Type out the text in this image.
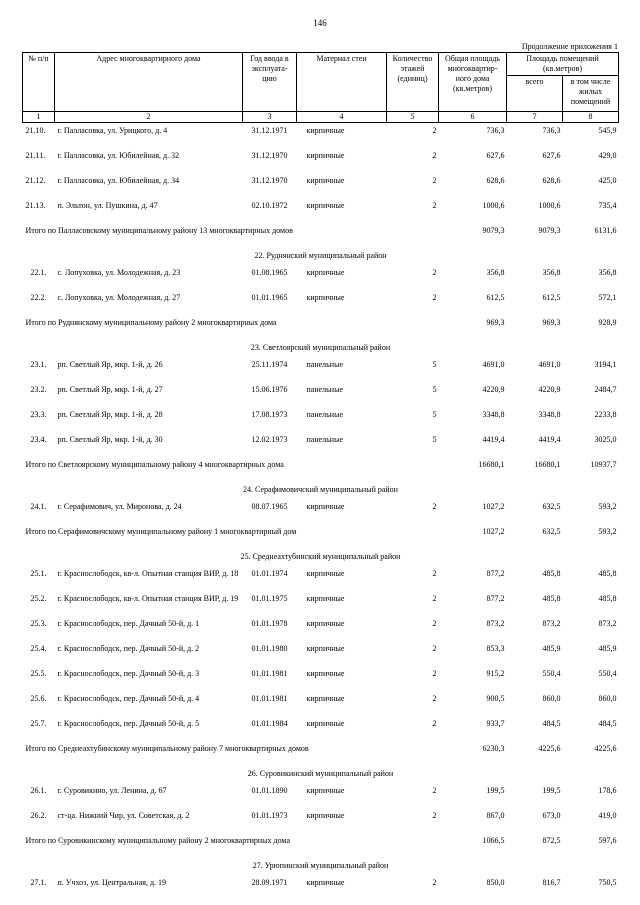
146
Продолжение приложения 1
№ п/п	Адрес многоквартирного дома	Год ввода в эксплуата- цию	Материал стен	Количество этажей (единиц)	Общая площадь многоквартир- ного дома (кв.метров)	Площадь помещений (кв.метров)	
						всего	в том числе жилых помещений
1	2	3	4	5	6	7	8
21.10.	г. Палласовка, ул. Урицкого, д. 4	31.12.1971	кирпичные	2	736,3	736,3	545,9
21.11.	г. Палласовка, ул. Юбилейная, д. 32	31.12.1970	кирпичные	2	627,6	627,6	429,0
21.12.	г. Палласовка, ул. Юбилейная, д. 34	31.12.1970	кирпичные	2	628,6	628,6	425,0
21.13.	п. Эльтон, ул. Пушкина, д. 47	02.10.1972	кирпичные	2	1000,6	1000,6	735,4
Итого по Палласовскому муниципальному району 13 многоквартирных домов					9079,3	9079,3	6131,6
22. Руднянский муниципальный район							
22.1.	с. Лопуховка, ул. Молодежная, д. 23	01.08.1965	кирпичные	2	356,8	356,8	356,8
22.2.	с. Лопуховка, ул. Молодежная, д. 27	01.01.1965	кирпичные	2	612,5	612,5	572,1
Итого по Руднянскому муниципальному району 2 многоквартирных дома					969,3	969,3	928,9
23. Светлоярский муниципальный район							
23.1.	рп. Светлый Яр, мкр. 1-й, д. 26	25.11.1974	панельные	5	4691,0	4691,0	3194,1
23.2.	рп. Светлый Яр, мкр. 1-й, д. 27	15.06.1976	панельные	5	4220,9	4220,9	2484,7
23.3.	рп. Светлый Яр, мкр. 1-й, д. 28	17.08.1973	панельные	5	3348,8	3348,8	2233,8
23.4.	рп. Светлый Яр, мкр. 1-й, д. 30	12.02.1973	панельные	5	4419,4	4419,4	3025,0
Итого по Светлоярскому муниципальному району 4 многоквартирных дома					16680,1	16680,1	10937,7
24. Серафимовичский муниципальный район							
24.1.	г. Серафимович, ул. Миронова, д. 24	08.07.1965	кирпичные	2	1027,2	632,5	593,2
Итого по Серафимовичскому муниципальному району 1 многоквартирный дом					1027,2	632,5	593,2
25. Среднеахтубинский муниципальный район							
25.1.	г. Краснослободск, кв-л. Опытная станция ВИР, д. 18	01.01.1974	кирпичные	2	877,2	485,8	485,8
25.2.	г. Краснослободск, кв-л. Опытная станция ВИР, д. 19	01.01.1975	кирпичные	2	877,2	485,8	485,8
25.3.	г. Краснослободск, пер. Дачный 50-й, д. 1	01.01.1978	кирпичные	2	873,2	873,2	873,2
25.4.	г. Краснослободск, пер. Дачный 50-й, д. 2	01.01.1980	кирпичные	2	853,3	485,9	485,9
25.5.	г. Краснослободск, пер. Дачный 50-й, д. 3	01.01.1981	кирпичные	2	915,2	550,4	550,4
25.6.	г. Краснослободск, пер. Дачный 50-й, д. 4	01.01.1981	кирпичные	2	900,5	860,0	860,0
25.7.	г. Краснослободск, пер. Дачный 50-й, д. 5	01.01.1984	кирпичные	2	933,7	484,5	484,5
Итого по Среднеахтубинскому муниципальному району 7 многоквартирных домов					6230,3	4225,6	4225,6
26. Суровикинский муниципальный район							
26.1.	г. Суровикино, ул. Ленина, д. 67	01.01.1890	кирпичные	2	199,5	199,5	178,6
26.2.	ст-ца. Нижний Чир, ул. Советская, д. 2	01.01.1973	кирпичные	2	867,0	673,0	419,0
Итого по Суровикинскому муниципальному району 2 многоквартирных дома					1066,5	872,5	597,6
27. Урюпинский муниципальный район							
27.1.	п. Учхоз, ул. Центральная, д. 19	28.09.1971	кирпичные	2	850,0	816,7	750,5
